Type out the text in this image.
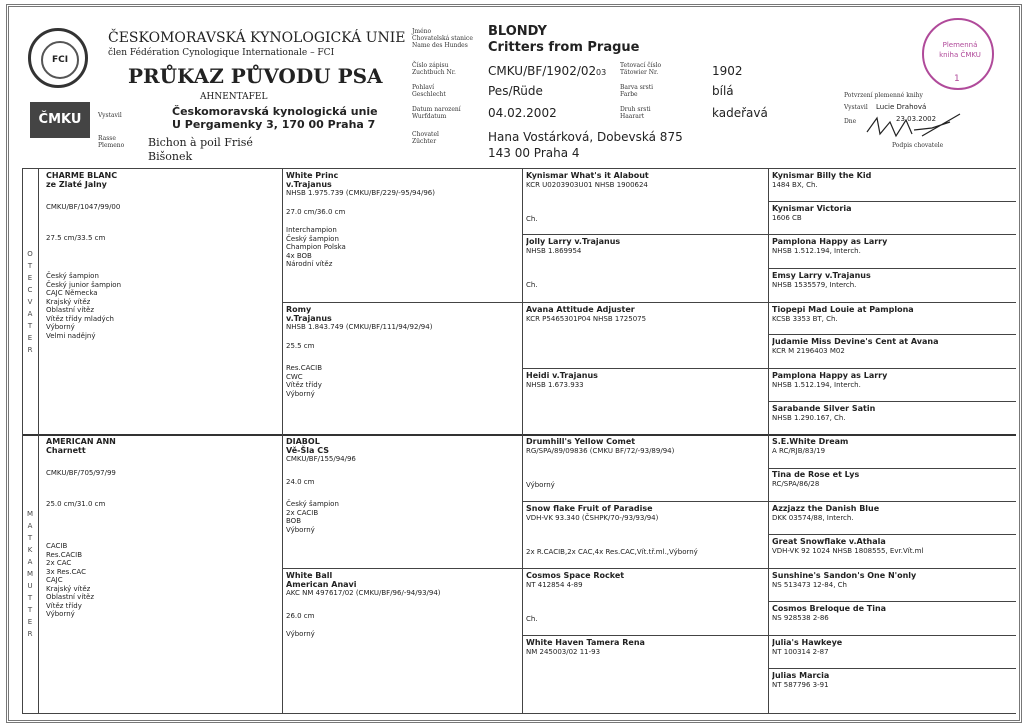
FCI
ČMKU
ČESKOMORAVSKÁ KYNOLOGICKÁ UNIE
člen Fédération Cynologique Internationale – FCI
PRŮKAZ PŮVODU PSA
AHNENTAFEL
Vystavil	Českomoravská kynologická unie
U Pergamenky 3, 170 00 Praha 7
Rasse
Plemeno Bichon à poil Frisé
Bišonek
Jméno
Chovatelská stanice
Name des Hundes
BLONDY
Critters from Prague
Číslo zápisu
Zuchtbuch Nr.	CMKU/BF/1902/02 03
Tetovací číslo
Tätowier Nr.	1902
Pohlaví
Geschlecht	Pes/Rüde	Barva srsti
Farbe	bílá
Datum narození
Wurfdatum	04.02.2002	Druh srsti
Haarart	kadeřavá
Chovatel
Züchter	Hana Vostárková, Dobevská 875
143 00 Praha 4
Potvrzení plemenné knihy
Vystavil Lucie Drahová
Dne	23.03.2002
Podpis chovatele
Plemenná kniha ČMKU
1
O T E C V A T E R
M A T K A M U T T E R
CHARME BLANC
ze Zlaté Jalny
CMKU/BF/1047/99/00
27.5 cm/33.5 cm
Český šampion
Český junior šampion
CAJC Německa
Krajský vítěz
Oblastní vítěz
Vítěz třídy mladých
Výborný
Velmi nadějný
AMERICAN ANN
Charnett
CMKU/BF/705/97/99
25.0 cm/31.0 cm
CACIB
Res.CACIB
2x CAC
3x Res.CAC
CAJC
Krajský vítěz
Oblastní vítěz
Vítěz třídy
Výborný
White Princ
v.Trajanus
NHSB 1.975.739 (CMKU/BF/229/-95/94/96)
27.0 cm/36.0 cm
Interchampion
Český šampion
Champion Polska
4x BOB
Národní vítěz
Romy
v.Trajanus
NHSB 1.843.749 (CMKU/BF/111/94/92/94)
25.5 cm
Res.CACIB
CWC
Vítěz třídy
Výborný
DIABOL
Vě-Šla CS
CMKU/BF/155/94/96
24.0 cm
Český šampion
2x CACIB
BOB
Výborný
White Ball
American Anavi
AKC NM 497617/02 (CMKU/BF/96/-94/93/94)
26.0 cm
Výborný
Kynismar What's it Alabout
KCR U0203903U01 NHSB 1900624
Ch.
Jolly Larry v.Trajanus
NHSB 1.869954
Ch.
Avana Attitude Adjuster
KCR P5465301P04 NHSB 1725075
Heidi v.Trajanus
NHSB 1.673.933
Drumhill's Yellow Comet
RG/SPA/89/09836 (CMKU BF/72/-93/89/94)
Výborný
Snow flake Fruit of Paradise
VDH-VK 93.340 (ČSHPK/70-/93/93/94)
2x R.CACIB,2x CAC,4x Res.CAC,Vít.tř.ml.,Výborný
Cosmos Space Rocket
NT 412854 4-89
Ch.
White Haven Tamera Rena
NM 245003/02 11-93
Kynismar Billy the Kid
1484 BX, Ch.
Kynismar Victoria
1606 CB
Pamplona Happy as Larry
NHSB 1.512.194, Interch.
Emsy Larry v.Trajanus
NHSB 1535579, Interch.
Tiopepi Mad Louie at Pamplona
KCSB 3353 BT, Ch.
Judamie Miss Devine's Cent at Avana
KCR M 2196403 M02
Pamplona Happy as Larry
NHSB 1.512.194, Interch.
Sarabande Silver Satin
NHSB 1.290.167, Ch.
S.E.White Dream
A RC/RJB/83/19
Tina de Rose et Lys
RC/SPA/86/28
Azzjazz the Danish Blue
DKK 03574/88, Interch.
Great Snowflake v.Athala
VDH-VK 92 1024 NHSB 1808555, Evr.Vít.ml
Sunshine's Sandon's One N'only
NS 513473 12-84, Ch
Cosmos Breloque de Tina
NS 928538 2-86
Julia's Hawkeye
NT 100314 2-87
Julias Marcia
NT 587796 3-91
